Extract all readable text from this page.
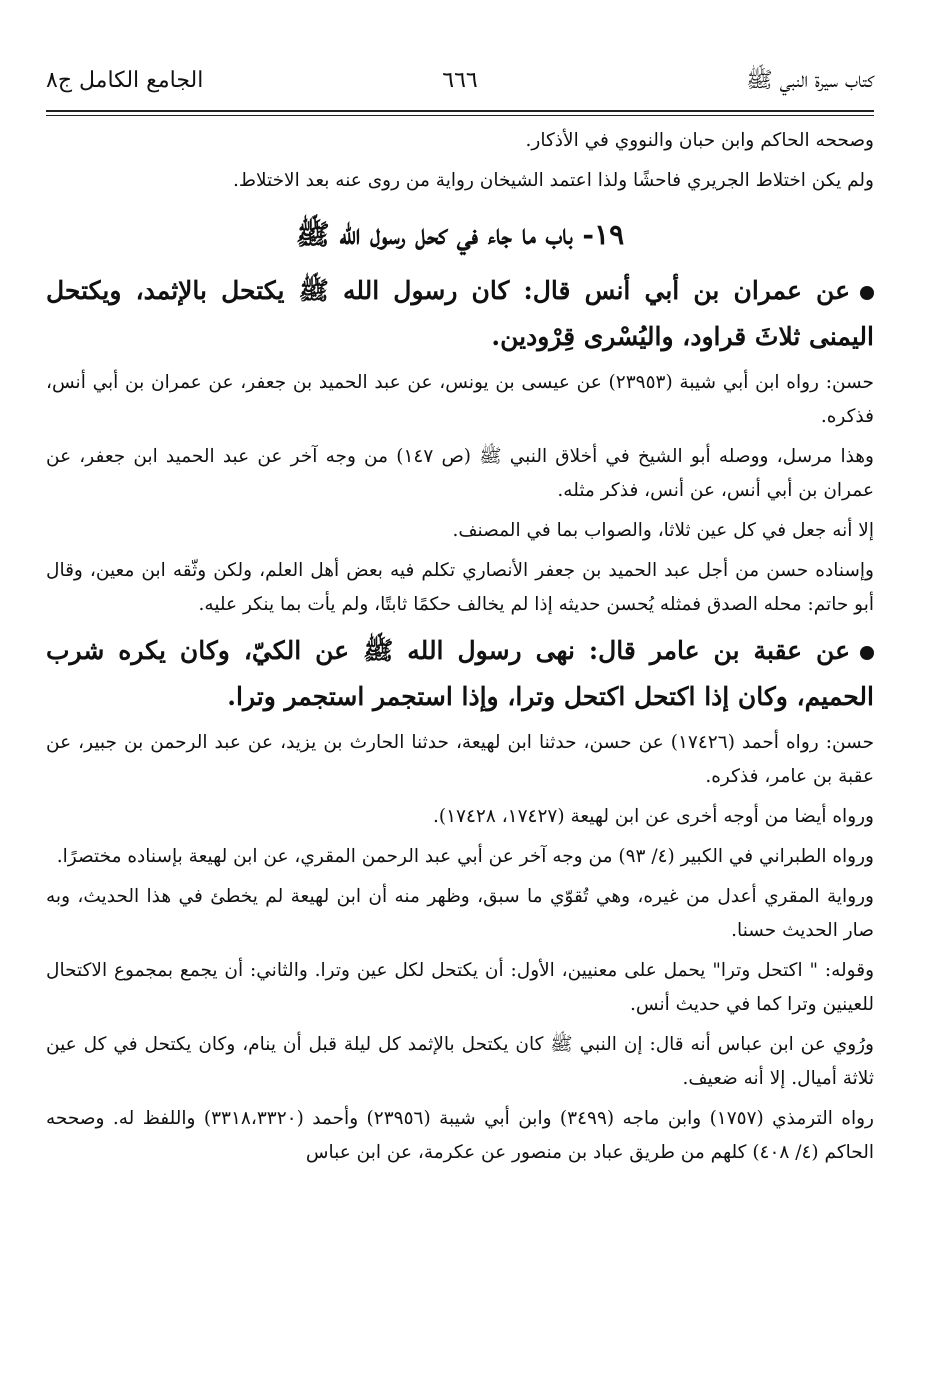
كتاب سيرة النبي ﷺ
٦٦٦
الجامع الكامل ج٨

وصححه الحاكم وابن حبان والنووي في الأذكار.

ولم يكن اختلاط الجريري فاحشًا ولذا اعتمد الشيخان رواية من روى عنه بعد الاختلاط.

١٩- باب ما جاء في كحل رسول الله ﷺ

عن عمران بن أبي أنس قال: كان رسول الله ﷺ يكتحل بالإثمد، ويكتحل اليمنى ثلاثَ قراود، واليُسْرى قِرْودين.

حسن: رواه ابن أبي شيبة (٢٣٩٥٣) عن عيسى بن يونس، عن عبد الحميد بن جعفر، عن عمران بن أبي أنس، فذكره.

وهذا مرسل، ووصله أبو الشيخ في أخلاق النبي ﷺ (ص ١٤٧) من وجه آخر عن عبد الحميد ابن جعفر، عن عمران بن أبي أنس، عن أنس، فذكر مثله.

إلا أنه جعل في كل عين ثلاثا، والصواب بما في المصنف.

وإسناده حسن من أجل عبد الحميد بن جعفر الأنصاري تكلم فيه بعض أهل العلم، ولكن وثّقه ابن معين، وقال أبو حاتم: محله الصدق فمثله يُحسن حديثه إذا لم يخالف حكمًا ثابتًا، ولم يأت بما ينكر عليه.

عن عقبة بن عامر قال: نهى رسول الله ﷺ عن الكيّ، وكان يكره شرب الحميم، وكان إذا اكتحل اكتحل وترا، وإذا استجمر استجمر وترا.

حسن: رواه أحمد (١٧٤٢٦) عن حسن، حدثنا ابن لهيعة، حدثنا الحارث بن يزيد، عن عبد الرحمن بن جبير، عن عقبة بن عامر، فذكره.

ورواه أيضا من أوجه أخرى عن ابن لهيعة (١٧٤٢٧، ١٧٤٢٨).

ورواه الطبراني في الكبير (٤/ ٩٣) من وجه آخر عن أبي عبد الرحمن المقري، عن ابن لهيعة بإسناده مختصرًا.

ورواية المقري أعدل من غيره، وهي تُقوّي ما سبق، وظهر منه أن ابن لهيعة لم يخطئ في هذا الحديث، وبه صار الحديث حسنا.

وقوله: " اكتحل وترا" يحمل على معنيين، الأول: أن يكتحل لكل عين وترا. والثاني: أن يجمع بمجموع الاكتحال للعينين وترا كما في حديث أنس.

ورُوي عن ابن عباس أنه قال: إن النبي ﷺ كان يكتحل بالإثمد كل ليلة قبل أن ينام، وكان يكتحل في كل عين ثلاثة أميال. إلا أنه ضعيف.

رواه الترمذي (١٧٥٧) وابن ماجه (٣٤٩٩) وابن أبي شيبة (٢٣٩٥٦) وأحمد (٣٣١٨،٣٣٢٠) واللفظ له. وصححه الحاكم (٤/ ٤٠٨) كلهم من طريق عباد بن منصور عن عكرمة، عن ابن عباس
